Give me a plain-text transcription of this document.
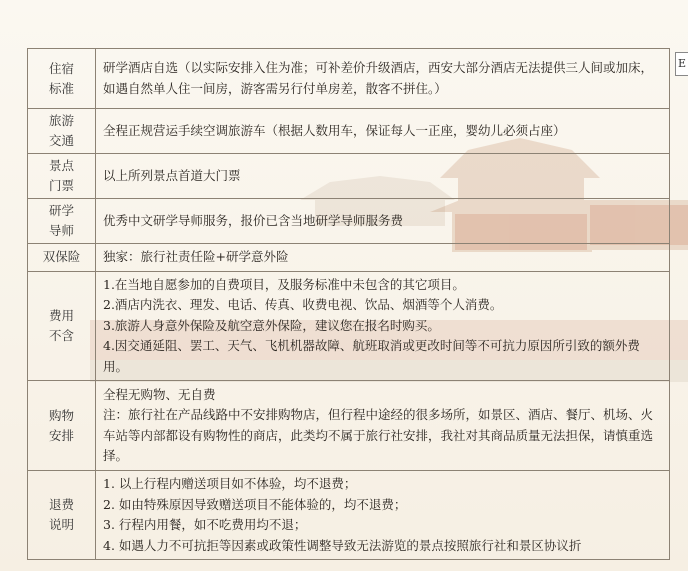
E
住宿
标准	研学酒店自选（以实际安排入住为准；可补差价升级酒店，西安大部分酒店无法提供三人间或加床，如遇自然单人住一间房，游客需另行付单房差，散客不拼住。）

旅游
交通	全程正规营运手续空调旅游车（根据人数用车，保证每人一正座，婴幼儿必须占座）

景点
门票	以上所列景点首道大门票

研学
导师	优秀中文研学导师服务，报价已含当地研学导师服务费

双保险	独家：旅行社责任险+研学意外险

费用
不含	1.在当地自愿参加的自费项目，及服务标准中未包含的其它项目。
2.酒店内洗衣、理发、电话、传真、收费电视、饮品、烟酒等个人消费。
3.旅游人身意外保险及航空意外保险，建议您在报名时购买。
4.因交通延阻、罢工、天气、飞机机器故障、航班取消或更改时间等不可抗力原因所引致的额外费用。

购物
安排	全程无购物、无自费
注：旅行社在产品线路中不安排购物店，但行程中途经的很多场所，如景区、酒店、餐厅、机场、火车站等内部都设有购物性的商店，此类均不属于旅行社安排，我社对其商品质量无法担保，请慎重选择。

退费
说明	1. 以上行程内赠送项目如不体验，均不退费；
2. 如由特殊原因导致赠送项目不能体验的，均不退费；
3. 行程内用餐，如不吃费用均不退；
4. 如遇人力不可抗拒等因素或政策性调整导致无法游览的景点按照旅行社和景区协议折
